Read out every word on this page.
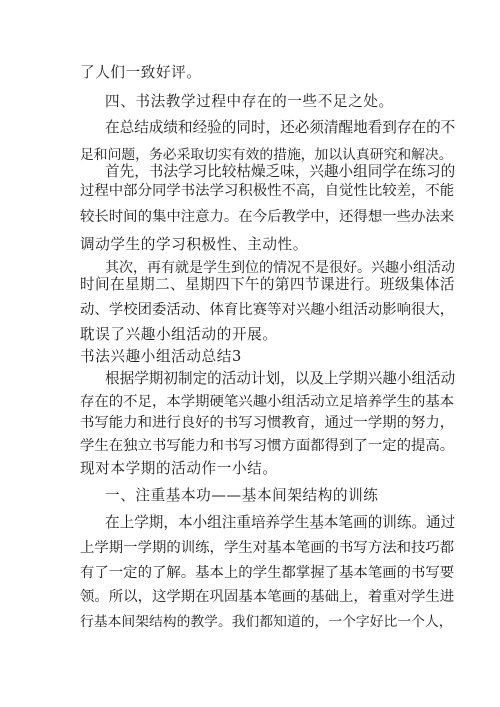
了人们一致好评。
四、书法教学过程中存在的一些不足之处。
在总结成绩和经验的同时，还必须清醒地看到存在的不
足和问题，务必采取切实有效的措施，加以认真研究和解决。
首先，书法学习比较枯燥乏味，兴趣小组同学在练习的
过程中部分同学书法学习积极性不高，自觉性比较差，不能
较长时间的集中注意力。在今后教学中，还得想一些办法来
调动学生的学习积极性、主动性。
其次，再有就是学生到位的情况不是很好。兴趣小组活动
时间在星期二、星期四下午的第四节课进行。班级集体活
动、学校团委活动、体育比赛等对兴趣小组活动影响很大，
耽误了兴趣小组活动的开展。
书法兴趣小组活动总结3
根据学期初制定的活动计划，以及上学期兴趣小组活动
存在的不足，本学期硬笔兴趣小组活动立足培养学生的基本
书写能力和进行良好的书写习惯教育，通过一学期的努力，
学生在独立书写能力和书写习惯方面都得到了一定的提高。
现对本学期的活动作一小结。
一、注重基本功——基本间架结构的训练
在上学期，本小组注重培养学生基本笔画的训练。通过
上学期一学期的训练，学生对基本笔画的书写方法和技巧都
有了一定的了解。基本上的学生都掌握了基本笔画的书写要
领。所以，这学期在巩固基本笔画的基础上，着重对学生进
行基本间架结构的教学。我们都知道的，一个字好比一个人，
